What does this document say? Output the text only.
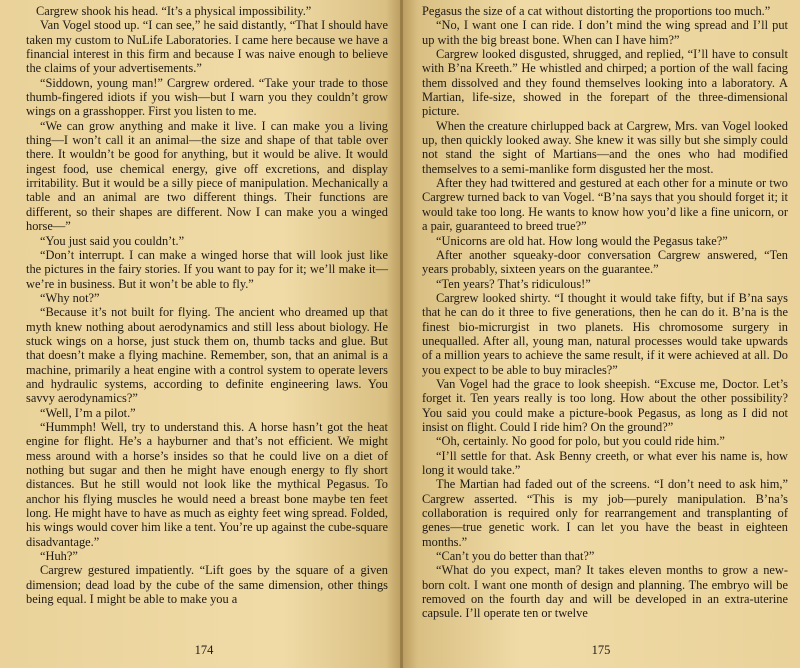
Cargrew shook his head. “It’s a physical impossibility.”

Van Vogel stood up. “I can see,” he said distantly, “That I should have taken my custom to NuLife Laboratories. I came here because we have a financial interest in this firm and because I was naive enough to believe the claims of your advertisements.”

“Siddown, young man!” Cargrew ordered. “Take your trade to those thumb-fingered idiots if you wish—but I warn you they couldn’t grow wings on a grasshopper. First you listen to me.

“We can grow anything and make it live. I can make you a living thing—I won’t call it an animal—the size and shape of that table over there. It wouldn’t be good for anything, but it would be alive. It would ingest food, use chemical energy, give off excretions, and display irritability. But it would be a silly piece of manipulation. Mechanically a table and an animal are two different things. Their functions are different, so their shapes are different. Now I can make you a winged horse—”

“You just said you couldn’t.”

“Don’t interrupt. I can make a winged horse that will look just like the pictures in the fairy stories. If you want to pay for it; we’ll make it—we’re in business. But it won’t be able to fly.”

“Why not?”

“Because it’s not built for flying. The ancient who dreamed up that myth knew nothing about aerodynamics and still less about biology. He stuck wings on a horse, just stuck them on, thumb tacks and glue. But that doesn’t make a flying machine. Remember, son, that an animal is a machine, primarily a heat engine with a control system to operate levers and hydraulic systems, according to definite engineering laws. You savvy aerodynamics?”

“Well, I’m a pilot.”

“Hummph! Well, try to understand this. A horse hasn’t got the heat engine for flight. He’s a hayburner and that’s not efficient. We might mess around with a horse’s insides so that he could live on a diet of nothing but sugar and then he might have enough energy to fly short distances. But he still would not look like the mythical Pegasus. To anchor his flying muscles he would need a breast bone maybe ten feet long. He might have to have as much as eighty feet wing spread. Folded, his wings would cover him like a tent. You’re up against the cube-square disadvantage.”

“Huh?”

Cargrew gestured impatiently. “Lift goes by the square of a given dimension; dead load by the cube of the same dimension, other things being equal. I might be able to make you a

174

Pegasus the size of a cat without distorting the proportions too much.”

“No, I want one I can ride. I don’t mind the wing spread and I’ll put up with the big breast bone. When can I have him?”

Cargrew looked disgusted, shrugged, and replied, “I’ll have to consult with B’na Kreeth.” He whistled and chirped; a portion of the wall facing them dissolved and they found themselves looking into a laboratory. A Martian, life-size, showed in the forepart of the three-dimensional picture.

When the creature chirlupped back at Cargrew, Mrs. van Vogel looked up, then quickly looked away. She knew it was silly but she simply could not stand the sight of Martians—and the ones who had modified themselves to a semi-manlike form disgusted her the most.

After they had twittered and gestured at each other for a minute or two Cargrew turned back to van Vogel. “B’na says that you should forget it; it would take too long. He wants to know how you’d like a fine unicorn, or a pair, guaranteed to breed true?”

“Unicorns are old hat. How long would the Pegasus take?”

After another squeaky-door conversation Cargrew answered, “Ten years probably, sixteen years on the guarantee.”

“Ten years? That’s ridiculous!”

Cargrew looked shirty. “I thought it would take fifty, but if B’na says that he can do it three to five generations, then he can do it. B’na is the finest bio-micrurgist in two planets. His chromosome surgery in unequalled. After all, young man, natural processes would take upwards of a million years to achieve the same result, if it were achieved at all. Do you expect to be able to buy miracles?”

Van Vogel had the grace to look sheepish. “Excuse me, Doctor. Let’s forget it. Ten years really is too long. How about the other possibility? You said you could make a picture-book Pegasus, as long as I did not insist on flight. Could I ride him? On the ground?”

“Oh, certainly. No good for polo, but you could ride him.”

“I’ll settle for that. Ask Benny creeth, or what ever his name is, how long it would take.”

The Martian had faded out of the screens. “I don’t need to ask him,” Cargrew asserted. “This is my job—purely manipulation. B’na’s collaboration is required only for rearrangement and transplanting of genes—true genetic work. I can let you have the beast in eighteen months.”

“Can’t you do better than that?”

“What do you expect, man? It takes eleven months to grow a new-born colt. I want one month of design and planning. The embryo will be removed on the fourth day and will be developed in an extra-uterine capsule. I’ll operate ten or twelve

175
